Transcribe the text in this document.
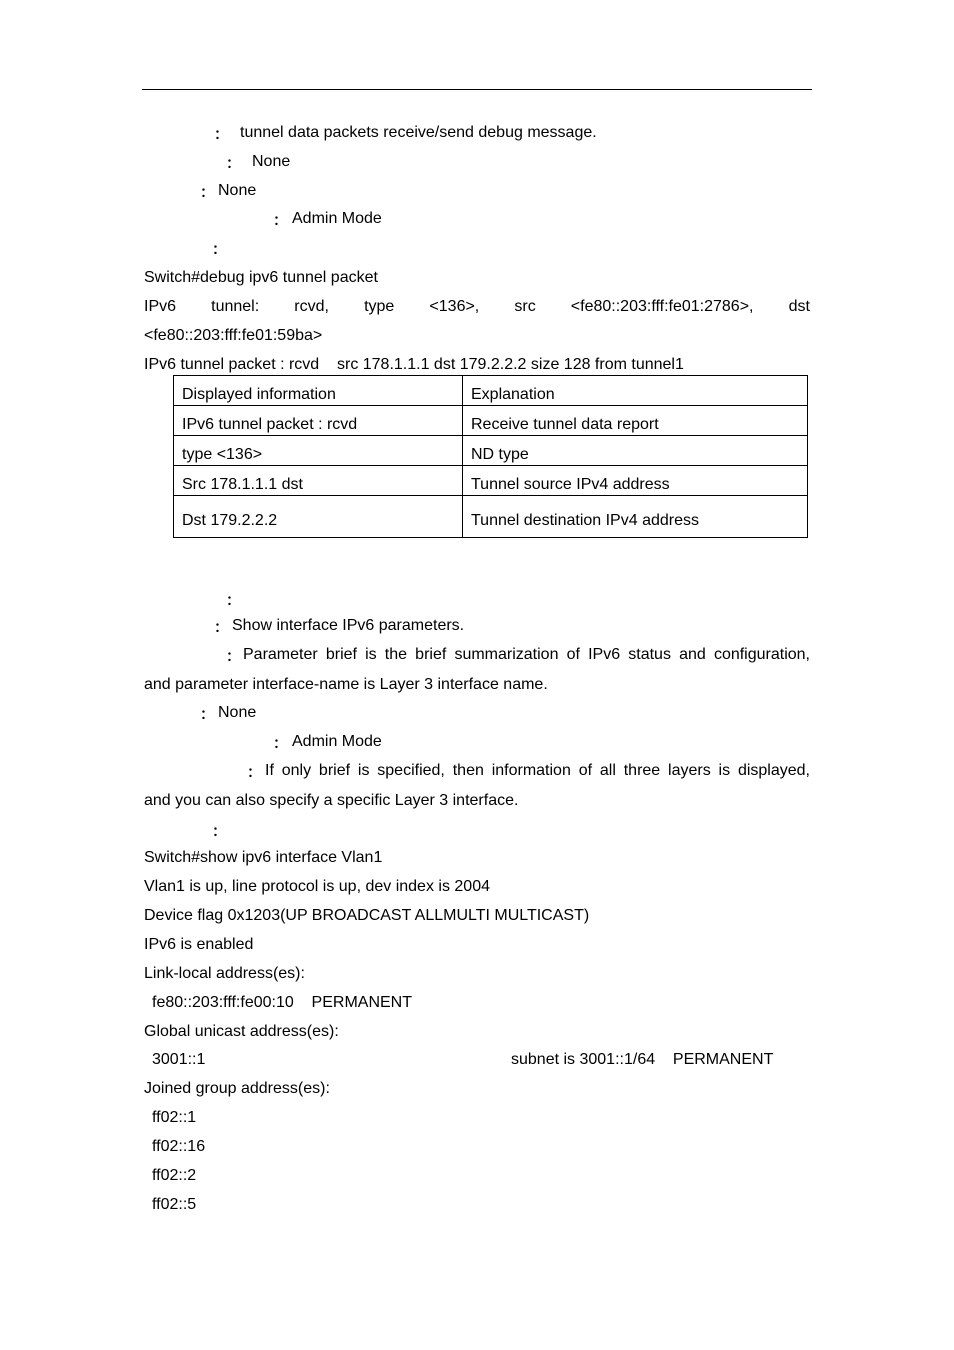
： tunnel data packets receive/send debug message.
： None
： None
： Admin Mode
：
Switch#debug ipv6 tunnel packet
IPv6 tunnel: rcvd, type <136>, src <fe80::203:fff:fe01:2786>, dst
<fe80::203:fff:fe01:59ba>
IPv6 tunnel packet : rcvd    src 178.1.1.1 dst 179.2.2.2 size 128 from tunnel1
Displayed information	Explanation
IPv6 tunnel packet : rcvd	Receive tunnel data report
type <136>	ND type
Src 178.1.1.1 dst	Tunnel source IPv4 address
Dst 179.2.2.2	Tunnel destination IPv4 address
：
： Show interface IPv6 parameters.
： Parameter brief is the brief summarization of IPv6 status and configuration,
and parameter interface-name is Layer 3 interface name.
： None
： Admin Mode
： If only brief is specified, then information of all three layers is displayed,
and you can also specify a specific Layer 3 interface.
：
Switch#show ipv6 interface Vlan1
Vlan1 is up, line protocol is up, dev index is 2004
Device flag 0x1203(UP BROADCAST ALLMULTI MULTICAST)
IPv6 is enabled
Link-local address(es):
fe80::203:fff:fe00:10    PERMANENT
Global unicast address(es):
3001::1	subnet is 3001::1/64    PERMANENT
Joined group address(es):
ff02::1
ff02::16
ff02::2
ff02::5
